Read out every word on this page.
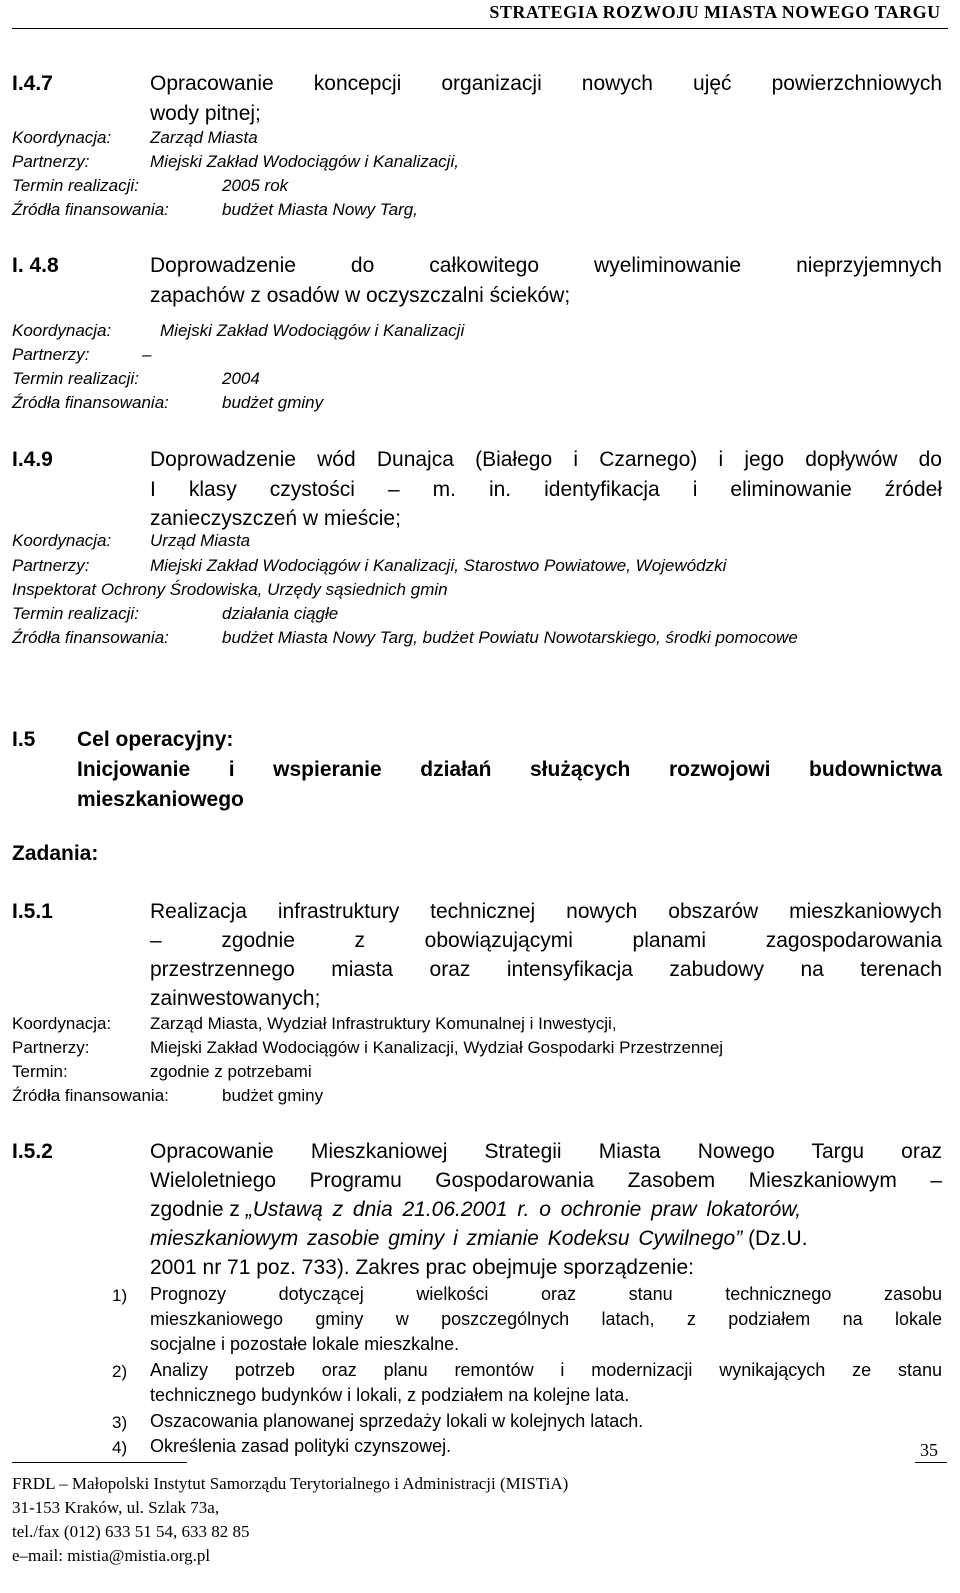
STRATEGIA ROZWOJU MIASTA NOWEGO TARGU
I.4.7	Opracowanie koncepcji organizacji nowych ujęć powierzchniowych
wody pitnej;
Koordynacja: Zarząd Miasta
Partnerzy:	Miejski Zakład Wodociągów i Kanalizacji,
Termin realizacji:	2005 rok
Źródła finansowania:	budżet Miasta Nowy Targ,
I. 4.8	Doprowadzenie do całkowitego wyeliminowanie nieprzyjemnych
zapachów z osadów w oczyszczalni ścieków;
Koordynacja:	Miejski Zakład Wodociągów i Kanalizacji
Partnerzy:	–
Termin realizacji:	2004
Źródła finansowania:	budżet gminy
I.4.9	Doprowadzenie wód Dunajca (Białego i Czarnego) i jego dopływów do
I klasy czystości – m. in. identyfikacja i eliminowanie źródeł
zanieczyszczeń w mieście;
Koordynacja: Urząd Miasta
Partnerzy:	Miejski Zakład Wodociągów i Kanalizacji, Starostwo Powiatowe, Wojewódzki
Inspektorat Ochrony Środowiska, Urzędy sąsiednich gmin
Termin realizacji:	działania ciągłe
Źródła finansowania:	budżet Miasta Nowy Targ, budżet Powiatu Nowotarskiego, środki pomocowe
I.5 Cel operacyjny:
Inicjowanie i wspieranie działań służących rozwojowi budownictwa
mieszkaniowego
Zadania:
I.5.1	Realizacja infrastruktury technicznej nowych obszarów mieszkaniowych
– zgodnie z obowiązującymi planami zagospodarowania
przestrzennego miasta oraz intensyfikacja zabudowy na terenach
zainwestowanych;
Koordynacja: Zarząd Miasta, Wydział Infrastruktury Komunalnej i Inwestycji,
Partnerzy:	Miejski Zakład Wodociągów i Kanalizacji, Wydział Gospodarki Przestrzennej
Termin:	zgodnie z potrzebami
Źródła finansowania:	budżet gminy
I.5.2	Opracowanie Mieszkaniowej Strategii Miasta Nowego Targu oraz
Wieloletniego Programu Gospodarowania Zasobem Mieszkaniowym –
zgodnie z „Ustawą z dnia 21.06.2001 r. o ochronie praw lokatorów,
mieszkaniowym zasobie gminy i zmianie Kodeksu Cywilnego” (Dz.U.
2001 nr 71 poz. 733). Zakres prac obejmuje sporządzenie:
1) Prognozy dotyczącej wielkości oraz stanu technicznego zasobu
mieszkaniowego gminy w poszczególnych latach, z podziałem na lokale
socjalne i pozostałe lokale mieszkalne.
2) Analizy potrzeb oraz planu remontów i modernizacji wynikających ze stanu
technicznego budynków i lokali, z podziałem na kolejne lata.
3) Oszacowania planowanej sprzedaży lokali w kolejnych latach.
4) Określenia zasad polityki czynszowej.
FRDL – Małopolski Instytut Samorządu Terytorialnego i Administracji (MISTiA)
31-153 Kraków, ul. Szlak 73a,
tel./fax (012) 633 51 54, 633 82 85
e–mail: mistia@mistia.org.pl
35
